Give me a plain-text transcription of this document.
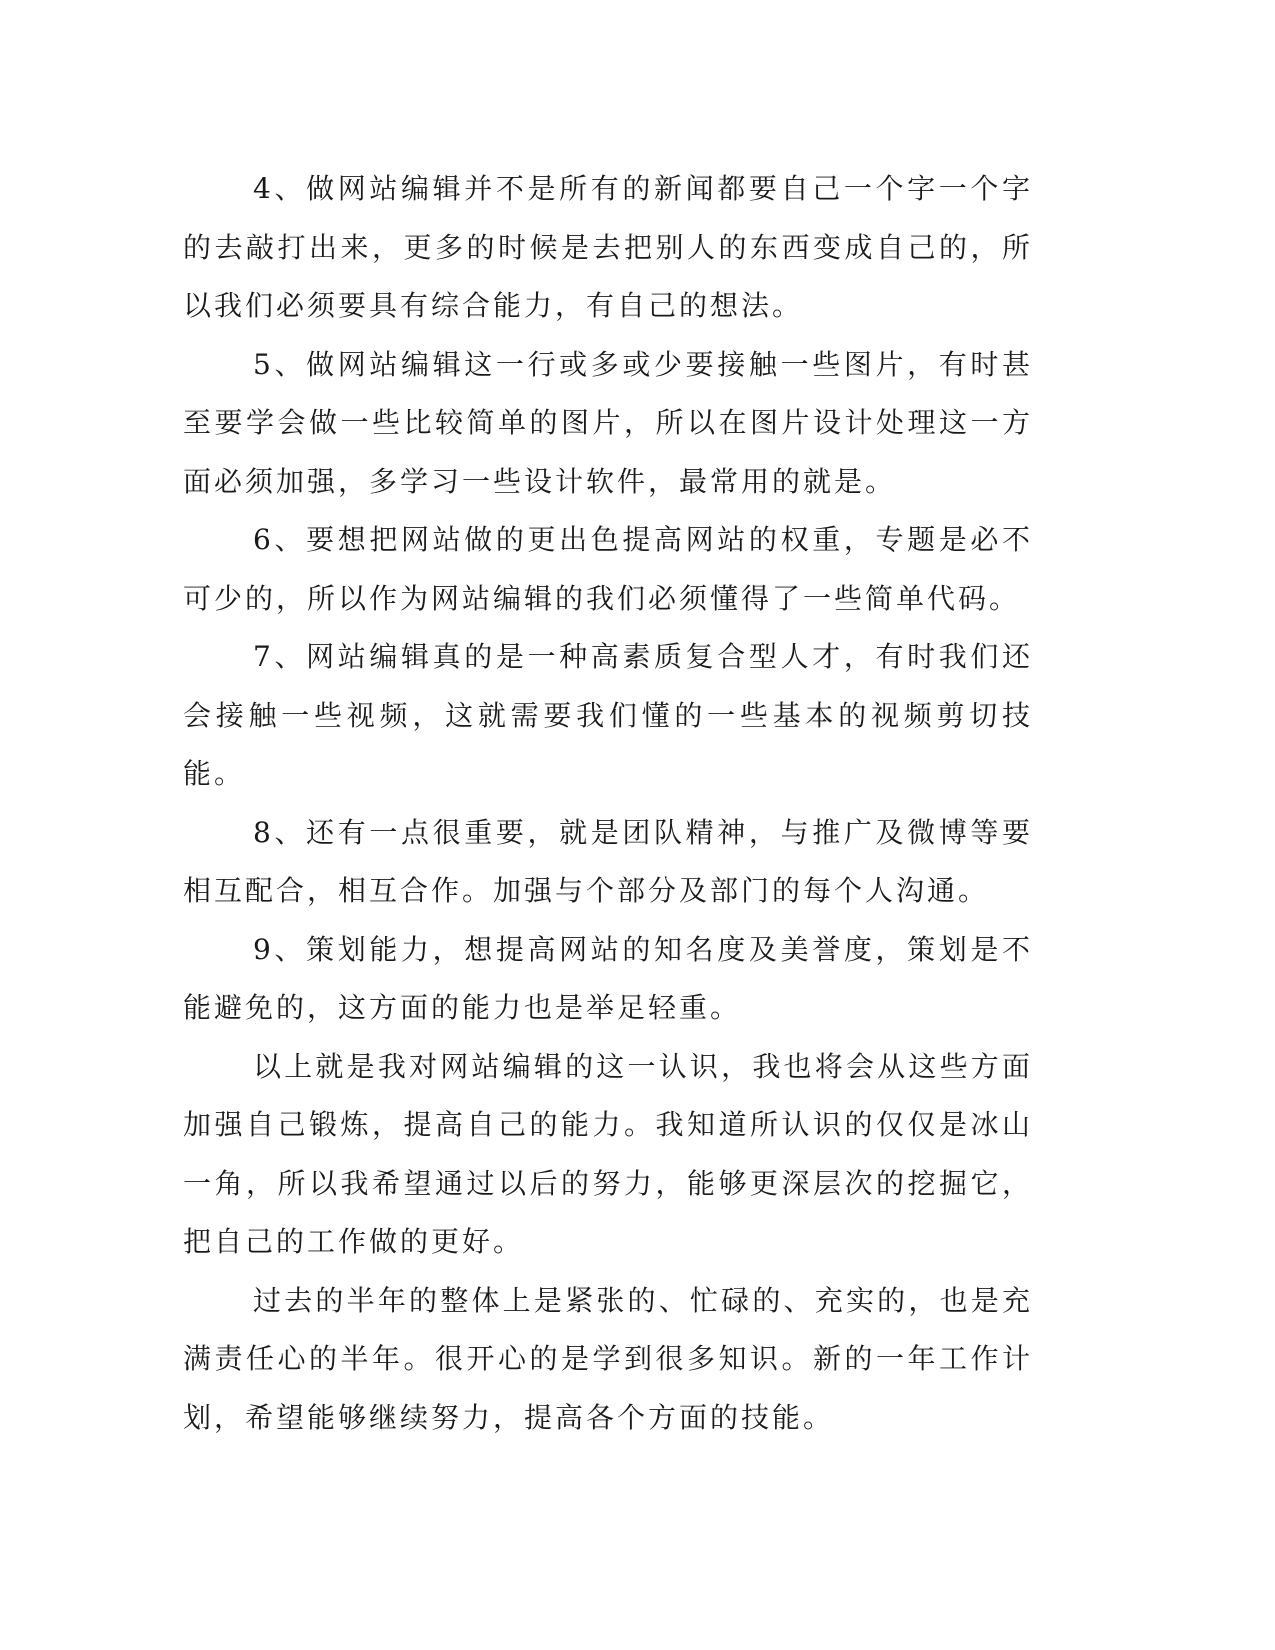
4、做网站编辑并不是所有的新闻都要自己一个字一个字的去敲打出来，更多的时候是去把别人的东西变成自己的，所以我们必须要具有综合能力，有自己的想法。

5、做网站编辑这一行或多或少要接触一些图片，有时甚至要学会做一些比较简单的图片，所以在图片设计处理这一方面必须加强，多学习一些设计软件，最常用的就是。

6、要想把网站做的更出色提高网站的权重，专题是必不可少的，所以作为网站编辑的我们必须懂得了一些简单代码。

7、网站编辑真的是一种高素质复合型人才，有时我们还会接触一些视频，这就需要我们懂的一些基本的视频剪切技能。

8、还有一点很重要，就是团队精神，与推广及微博等要相互配合，相互合作。加强与个部分及部门的每个人沟通。

9、策划能力，想提高网站的知名度及美誉度，策划是不能避免的，这方面的能力也是举足轻重。

以上就是我对网站编辑的这一认识，我也将会从这些方面加强自己锻炼，提高自己的能力。我知道所认识的仅仅是冰山一角，所以我希望通过以后的努力，能够更深层次的挖掘它，把自己的工作做的更好。

过去的半年的整体上是紧张的、忙碌的、充实的，也是充满责任心的半年。很开心的是学到很多知识。新的一年工作计划，希望能够继续努力，提高各个方面的技能。
